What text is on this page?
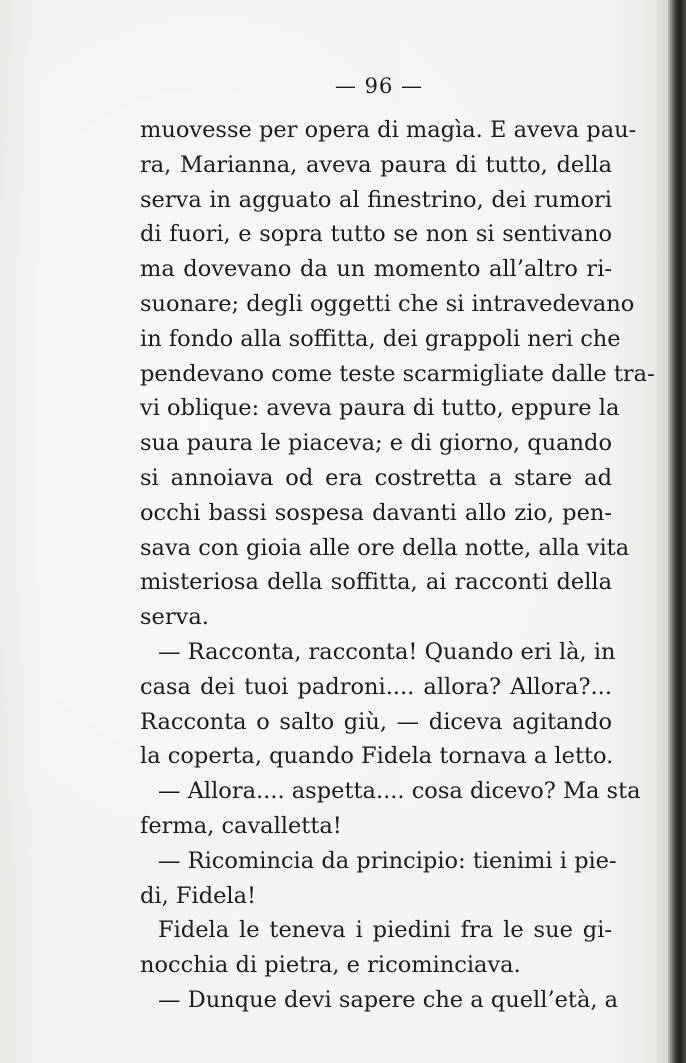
— 96 —
muovesse per opera di magìa. E aveva pau-
ra, Marianna, aveva paura di tutto, della
serva in agguato al finestrino, dei rumori
di fuori, e sopra tutto se non si sentivano
ma dovevano da un momento all’altro ri-
suonare; degli oggetti che si intravedevano
in fondo alla soffitta, dei grappoli neri che
pendevano come teste scarmigliate dalle tra-
vi oblique: aveva paura di tutto, eppure la
sua paura le piaceva; e di giorno, quando
si annoiava od era costretta a stare ad
occhi bassi sospesa davanti allo zio, pen-
sava con gioia alle ore della notte, alla vita
misteriosa della soffitta, ai racconti della
serva.
— Racconta, racconta! Quando eri là, in
casa dei tuoi padroni.... allora? Allora?...
Racconta o salto giù, — diceva agitando
la coperta, quando Fidela tornava a letto.
— Allora.... aspetta.... cosa dicevo? Ma sta
ferma, cavalletta!
— Ricomincia da principio: tienimi i pie-
di, Fidela!
Fidela le teneva i piedini fra le sue gi-
nocchia di pietra, e ricominciava.
— Dunque devi sapere che a quell’età, a
